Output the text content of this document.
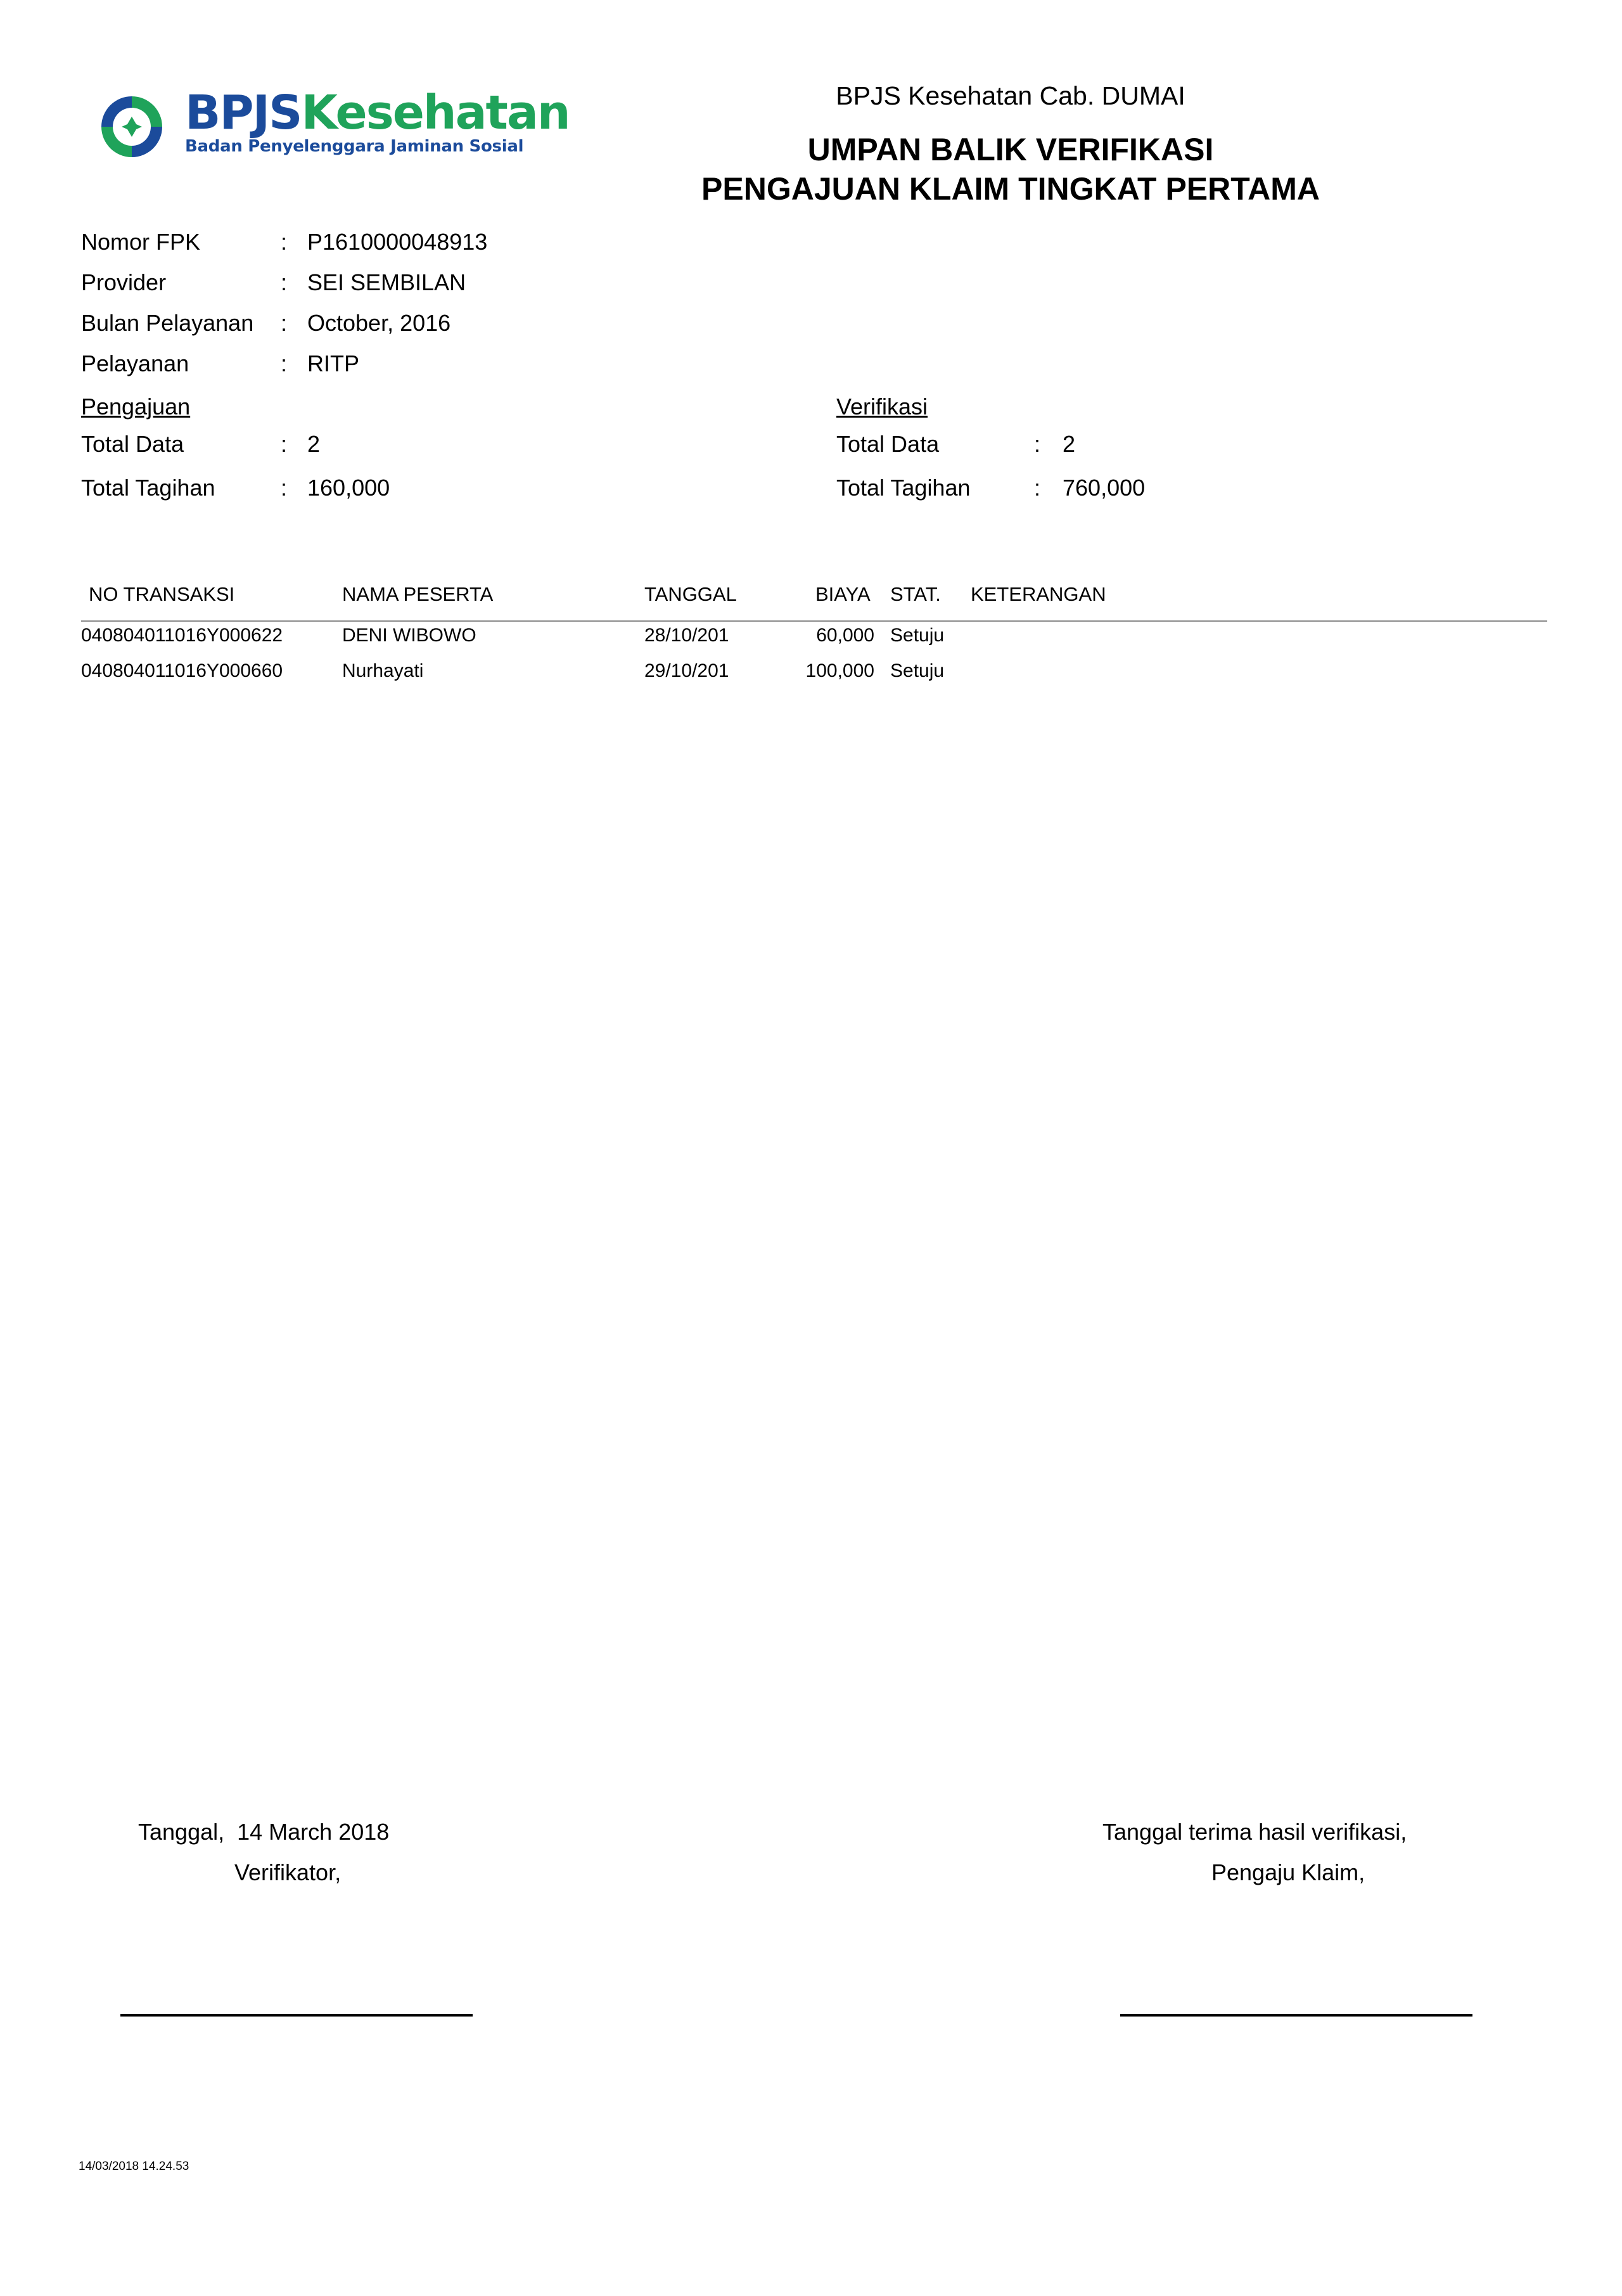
BPJSKesehatan
Badan Penyelenggara Jaminan Sosial
BPJS Kesehatan Cab. DUMAI
UMPAN BALIK VERIFIKASI
PENGAJUAN KLAIM TINGKAT PERTAMA
Nomor FPK	: P1610000048913
Provider	: SEI SEMBILAN
Bulan Pelayanan : October, 2016
Pelayanan	: RITP
Pengajuan
Total Data	: 2
Total Tagihan	: 160,000
Verifikasi
Total Data	: 2
Total Tagihan	: 760,000
NO TRANSAKSI	NAMA PESERTA	TANGGAL	BIAYA STAT. KETERANGAN
040804011016Y000622	DENI WIBOWO	28/10/201	60,000 Setuju
040804011016Y000660	Nurhayati	29/10/201	100,000 Setuju
Tanggal, 14 March 2018
Verifikator,
Tanggal terima hasil verifikasi,
Pengaju Klaim,
14/03/2018 14.24.53
